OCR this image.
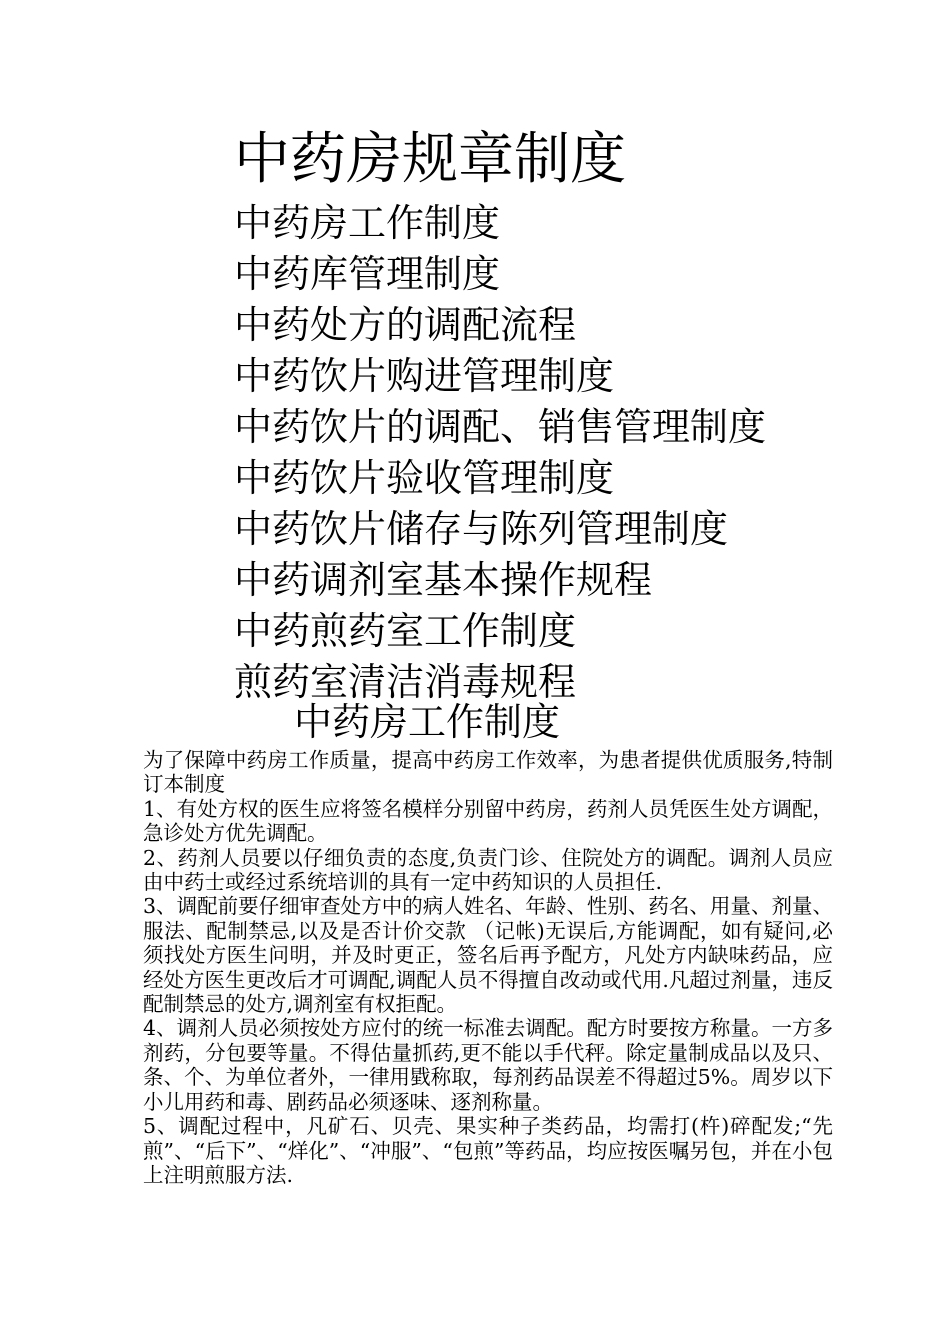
中药房规章制度
中药房工作制度
中药库管理制度
中药处方的调配流程
中药饮片购进管理制度
中药饮片的调配、销售管理制度
中药饮片验收管理制度
中药饮片储存与陈列管理制度
中药调剂室基本操作规程
中药煎药室工作制度
煎药室清洁消毒规程
中药房工作制度

为了保障中药房工作质量，提高中药房工作效率，为患者提供优质服务,特制订本制度

1、有处方权的医生应将签名模样分别留中药房，药剂人员凭医生处方调配，急诊处方优先调配。

2、药剂人员要以仔细负责的态度,负责门诊、住院处方的调配。调剂人员应由中药士或经过系统培训的具有一定中药知识的人员担任.

3、调配前要仔细审查处方中的病人姓名、年龄、性别、药名、用量、剂量、服法、配制禁忌,以及是否计价交款 （记帐)无误后,方能调配，如有疑问,必须找处方医生问明，并及时更正，签名后再予配方，凡处方内缺味药品，应经处方医生更改后才可调配,调配人员不得擅自改动或代用.凡超过剂量，违反配制禁忌的处方,调剂室有权拒配。

4、调剂人员必须按处方应付的统一标准去调配。配方时要按方称量。一方多剂药，分包要等量。不得估量抓药,更不能以手代秤。除定量制成品以及只、条、个、为单位者外，一律用戥称取，每剂药品误差不得超过5%。周岁以下小儿用药和毒、剧药品必须逐味、逐剂称量。

5、调配过程中，凡矿石、贝壳、果实种子类药品，均需打(杵)碎配发;“先煎”、“后下”、“烊化”、“冲服”、“包煎”等药品，均应按医嘱另包，并在小包上注明煎服方法.
